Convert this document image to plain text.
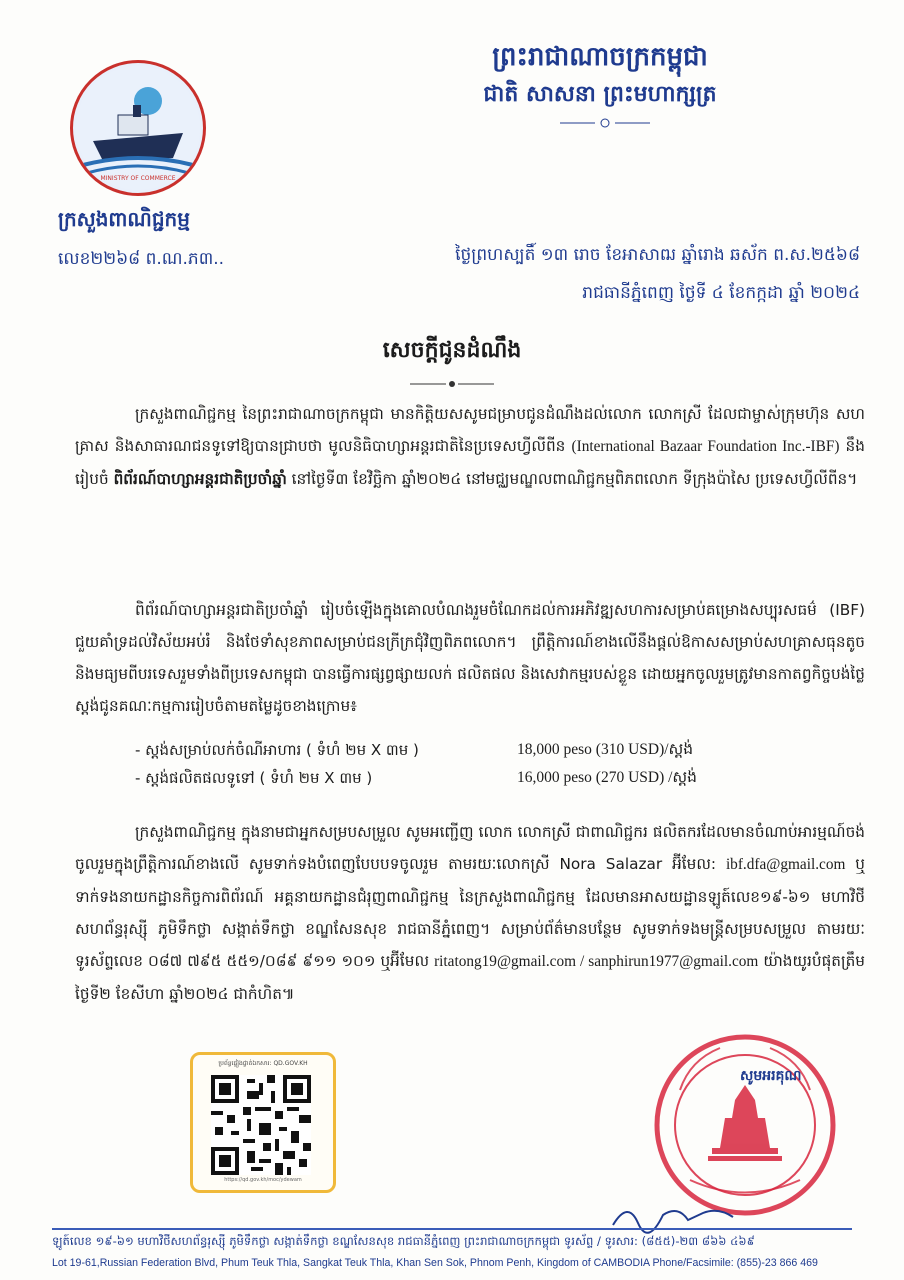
MINISTRY OF COMMERCE
ព្រះរាជាណាចក្រកម្ពុជា
ជាតិ សាសនា ព្រះមហាក្សត្រ
ក្រសួងពាណិជ្ជកម្ម
លេខ២២៦៨ ព.ណ.ភ៣..	ថ្ងៃព្រហស្បតិ៍ ១៣ រោច ខែអាសាឍ ឆ្នាំរោង ឆស័ក ព.ស.២៥៦៨
រាជធានីភ្នំពេញ ថ្ងៃទី ៤ ខែកក្កដា ឆ្នាំ ២០២៤
សេចក្តីជូនដំណឹង

ក្រសួងពាណិជ្ជកម្ម នៃព្រះរាជាណាចក្រកម្ពុជា មានកិត្តិយសសូមជម្រាបជូនដំណឹងដល់លោក លោកស្រី ដែលជាម្ចាស់ក្រុមហ៊ុន សហគ្រាស និងសាធារណជនទូទៅឱ្យបានជ្រាបថា មូលនិធិបាហ្សាអន្តរជាតិនៃប្រទេសហ្វីលីពីន (International Bazaar Foundation Inc.-IBF) នឹងរៀបចំ ពិព័រណ៍បាហ្សាអន្តរជាតិប្រចាំឆ្នាំ នៅថ្ងៃទី៣ ខែវិច្ឆិកា ឆ្នាំ២០២៤ នៅមជ្ឈមណ្ឌលពាណិជ្ជកម្មពិភពលោក ទីក្រុងប៉ាសៃ ប្រទេសហ្វីលីពីន។

ពិព័រណ៍បាហ្សាអន្តរជាតិប្រចាំឆ្នាំ រៀបចំឡើងក្នុងគោលបំណងរួមចំណែកដល់ការអភិវឌ្ឍសហការសម្រាប់គម្រោងសប្បុរសធម៌ (IBF) ជួយគាំទ្រដល់វិស័យអប់រំ និងថែទាំសុខភាពសម្រាប់ជនក្រីក្រជុំវិញពិភពលោក។ ព្រឹត្តិការណ៍ខាងលើនឹងផ្តល់ឱកាសសម្រាប់សហគ្រាសធុនតូច និងមធ្យមពីបរទេសរួមទាំងពីប្រទេសកម្ពុជា បានធ្វើការផ្សព្វផ្សាយលក់ ផលិតផល និងសេវាកម្មរបស់ខ្លួន ដោយអ្នកចូលរួមត្រូវមានកាតព្វកិច្ចបង់ថ្លៃស្តង់ជូនគណៈកម្មការរៀបចំតាមតម្លៃដូចខាងក្រោម៖

- ស្តង់សម្រាប់លក់ចំណីអាហារ ( ទំហំ ២ម X ៣ម )	18,000 peso (310 USD)/ស្តង់
- ស្តង់ផលិតផលទូទៅ ( ទំហំ ២ម X ៣ម )	16,000 peso (270 USD) /ស្តង់

ក្រសួងពាណិជ្ជកម្ម ក្នុងនាមជាអ្នកសម្របសម្រួល សូមអញ្ជើញ លោក លោកស្រី ជាពាណិជ្ជករ ផលិតករដែលមានចំណាប់អារម្មណ៍ចង់ចូលរួមក្នុងព្រឹត្តិការណ៍ខាងលើ សូមទាក់ទងបំពេញបែបបទចូលរួម តាមរយៈលោកស្រី Nora Salazar អ៊ីមែល: ibf.dfa@gmail.com ឬទាក់ទងនាយកដ្ឋានកិច្ចការពិព័រណ៍ អគ្គនាយកដ្ឋានជំរុញពាណិជ្ជកម្ម នៃក្រសួងពាណិជ្ជកម្ម ដែលមានអាសយដ្ឋានឡូត៍លេខ១៩-៦១ មហាវិថីសហព័ន្ធរុស្ស៊ី ភូមិទឹកថ្លា សង្កាត់ទឹកថ្លា ខណ្ឌសែនសុខ រាជធានីភ្នំពេញ។ សម្រាប់ព័ត៌មានបន្ថែម សូមទាក់ទងមន្ត្រីសម្របសម្រួល តាមរយៈទូរស័ព្ទលេខ ០៨៧ ៧៩៥ ៥៥១/០៨៩ ៩១១ ១០១ ឬអ៊ីមែល ritatong19@gmail.com / sanphirun1977@gmail.com យ៉ាងយូរបំផុតត្រឹមថ្ងៃទី២ ខែសីហា ឆ្នាំ២០២៤ ជាកំហិត៕

ប្រព័ន្ធផ្ទៀងផ្ទាត់ឯកសារ: QD.GOV.KH
https://qd.gov.kh/moc/ydewam
សូមអរគុណ
ឡូត៍លេខ ១៩-៦១ មហាវិថីសហព័ន្ធរុស្ស៊ី ភូមិទឹកថ្លា សង្កាត់ទឹកថ្លា ខណ្ឌសែនសុខ រាជធានីភ្នំពេញ ព្រះរាជាណាចក្រកម្ពុជា ទូរស័ព្ទ / ទូរសារ: (៨៥៥)-២៣ ៨៦៦ ៤៦៩
Lot 19-61,Russian Federation Blvd, Phum Teuk Thla, Sangkat Teuk Thla, Khan Sen Sok, Phnom Penh, Kingdom of CAMBODIA Phone/Facsimile: (855)-23 866 469
